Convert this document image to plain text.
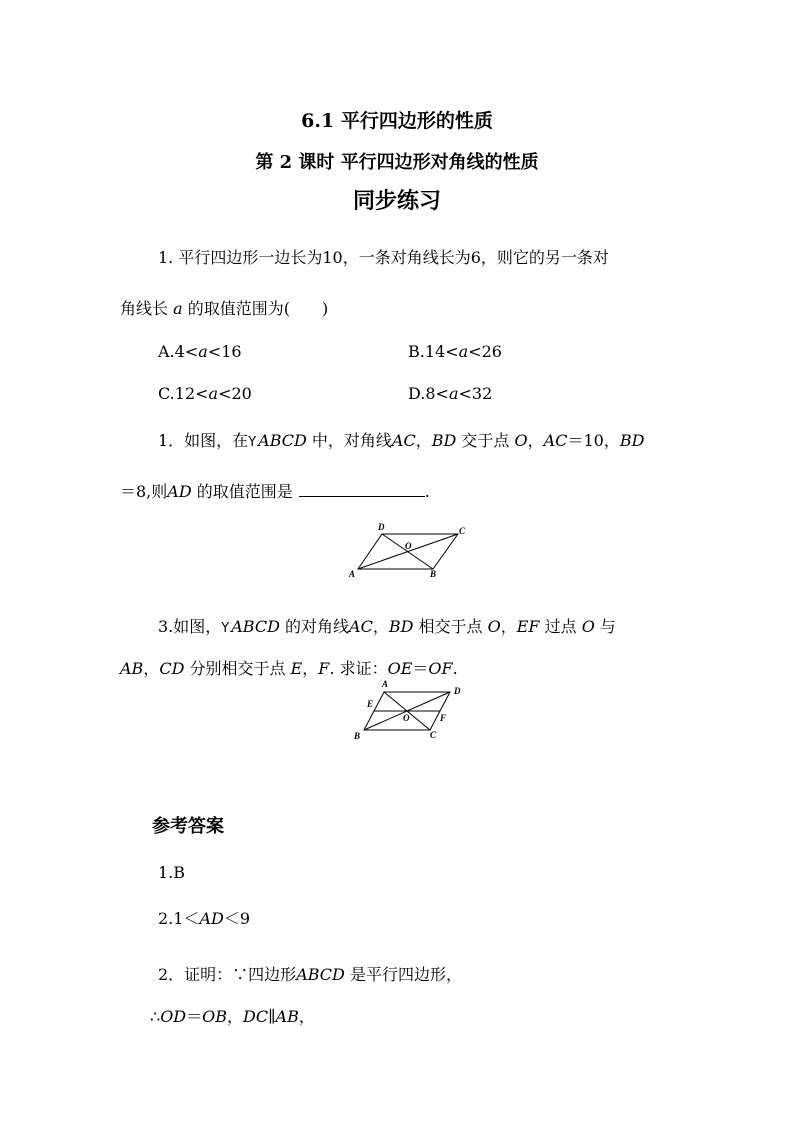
6.1 平行四边形的性质
第 2 课时 平行四边形对角线的性质
同步练习
1. 平行四边形一边长为10，一条对角线长为6，则它的另一条对
角线长 a 的取值范围为(　　)
A.4<a<16	B.14<a<26
C.12<a<20	D.8<a<32
1．如图，在Y ABCD 中，对角线AC，BD 交于点 O，AC＝10，BD
＝8,则AD 的取值范围是	.
A	B
C
D
O
3.如图，Y ABCD 的对角线AC，BD 相交于点 O，EF 过点 O 与
AB，CD 分别相交于点 E，F. 求证：OE＝OF.
A
B	C
D
E
F
O
参考答案
1.B
2.1＜AD＜9
2．证明：∵四边形ABCD 是平行四边形，
∴OD＝OB，DC∥AB，
